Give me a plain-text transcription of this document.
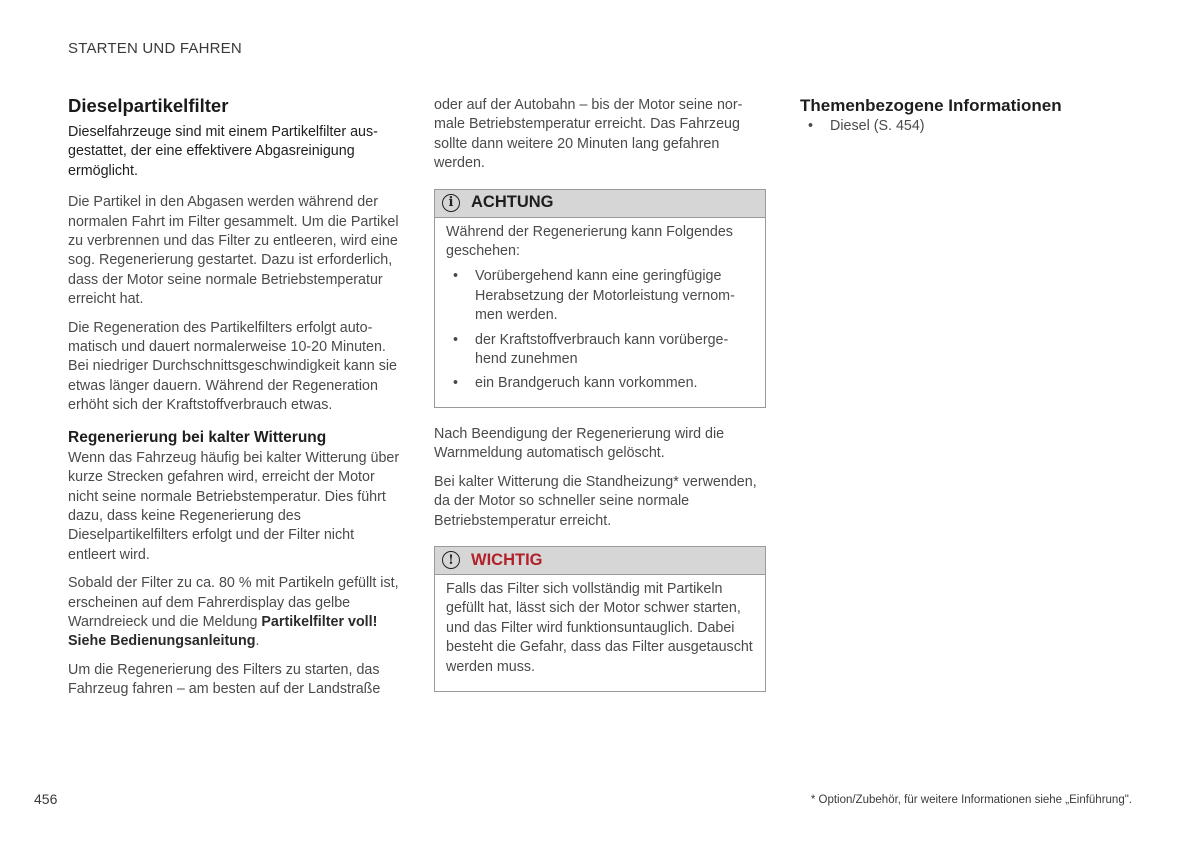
STARTEN UND FAHREN
Dieselpartikelfilter

Dieselfahrzeuge sind mit einem Partikelfilter ausgestattet, der eine effektivere Abgasreinigung ermöglicht.

Die Partikel in den Abgasen werden während der normalen Fahrt im Filter gesammelt. Um die Partikel zu verbrennen und das Filter zu entleeren, wird eine sog. Regenerierung gestartet. Dazu ist erforderlich, dass der Motor seine normale Betriebstemperatur erreicht hat.

Die Regeneration des Partikelfilters erfolgt automatisch und dauert normalerweise 10-20 Minuten. Bei niedriger Durchschnittsgeschwindigkeit kann sie etwas länger dauern. Während der Regeneration erhöht sich der Kraftstoffverbrauch etwas.

Regenerierung bei kalter Witterung

Wenn das Fahrzeug häufig bei kalter Witterung über kurze Strecken gefahren wird, erreicht der Motor nicht seine normale Betriebstemperatur. Dies führt dazu, dass keine Regenerierung des Dieselpartikelfilters erfolgt und der Filter nicht entleert wird.

Sobald der Filter zu ca. 80 % mit Partikeln gefüllt ist, erscheinen auf dem Fahrerdisplay das gelbe Warndreieck und die Meldung Partikelfilter voll! Siehe Bedienungsanleitung.

Um die Regenerierung des Filters zu starten, das Fahrzeug fahren – am besten auf der Landstraße

oder auf der Autobahn – bis der Motor seine normale Betriebstemperatur erreicht. Das Fahrzeug sollte dann weitere 20 Minuten lang gefahren werden.

i	ACHTUNG

Während der Regenerierung kann Folgendes geschehen:

•	Vorübergehend kann eine geringfügige Herabsetzung der Motorleistung vernommen werden.
•	der Kraftstoffverbrauch kann vorübergehend zunehmen
•	ein Brandgeruch kann vorkommen.

Nach Beendigung der Regenerierung wird die Warnmeldung automatisch gelöscht.

Bei kalter Witterung die Standheizung* verwenden, da der Motor so schneller seine normale Betriebstemperatur erreicht.

!	WICHTIG

Falls das Filter sich vollständig mit Partikeln gefüllt hat, lässt sich der Motor schwer starten, und das Filter wird funktionsuntauglich. Dabei besteht die Gefahr, dass das Filter ausgetauscht werden muss.

Themenbezogene Informationen
• Diesel (S. 454)
456	* Option/Zubehör, für weitere Informationen siehe „Einführung".
